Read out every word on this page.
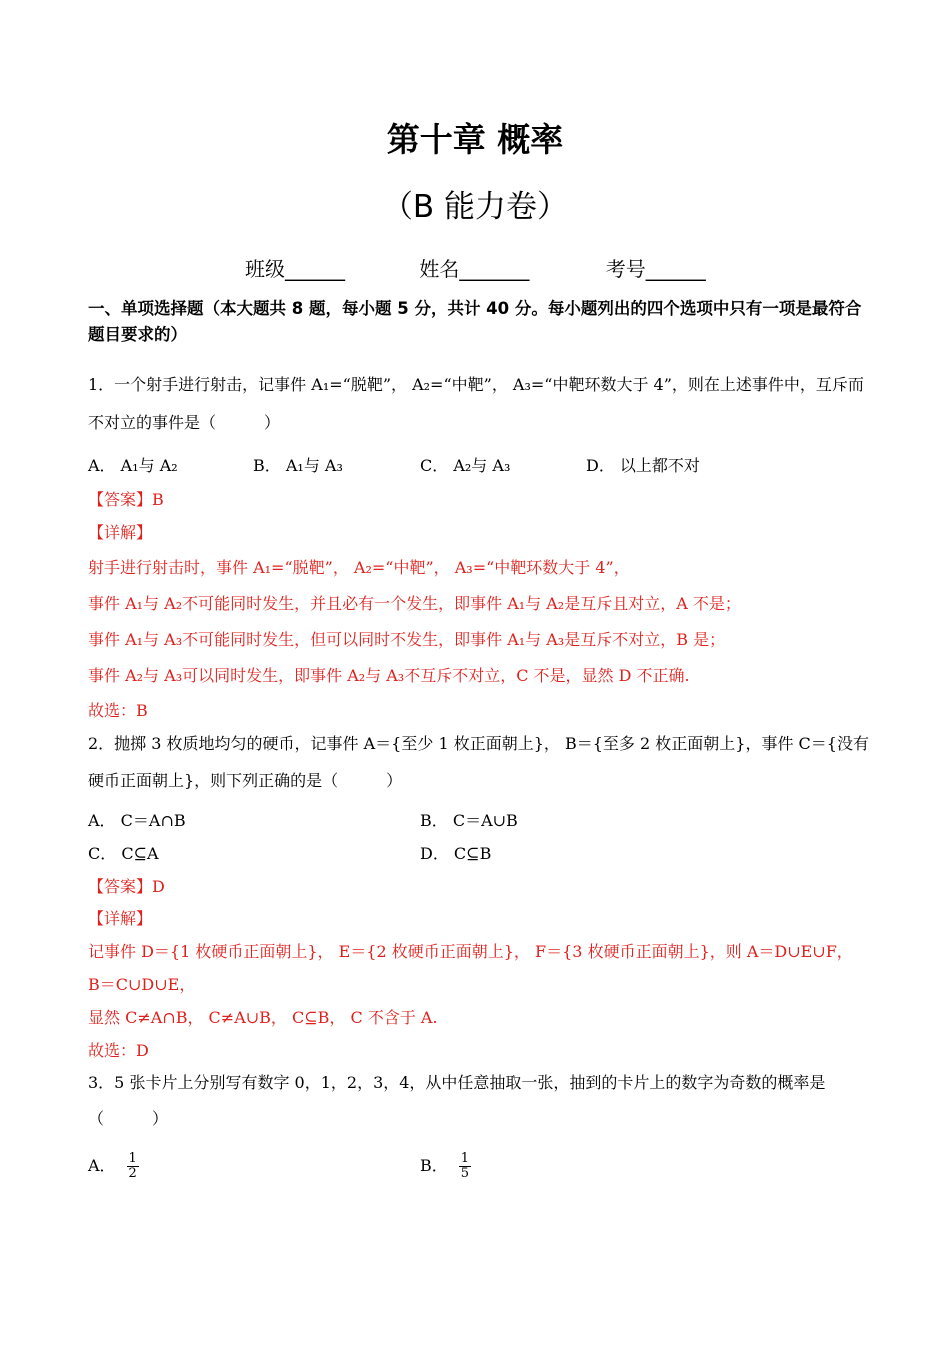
第十章 概率
（B 能力卷）
班级______	姓名_______	考号______
一、单项选择题（本大题共 8 题，每小题 5 分，共计 40 分。每小题列出的四个选项中只有一项是最符合题目要求的）
1．一个射手进行射击，记事件 A₁=“脱靶”， A₂=“中靶”， A₃=“中靶环数大于 4”，则在上述事件中，互斥而
不对立的事件是（　　　）
A． A₁与 A₂	B． A₁与 A₃	C． A₂与 A₃	D． 以上都不对
【答案】B
【详解】
射手进行射击时，事件 A₁=“脱靶”， A₂=“中靶”， A₃=“中靶环数大于 4”，
事件 A₁与 A₂不可能同时发生，并且必有一个发生，即事件 A₁与 A₂是互斥且对立，A 不是；
事件 A₁与 A₃不可能同时发生，但可以同时不发生，即事件 A₁与 A₃是互斥不对立，B 是；
事件 A₂与 A₃可以同时发生，即事件 A₂与 A₃不互斥不对立，C 不是，显然 D 不正确.
故选：B
2．抛掷 3 枚质地均匀的硬币，记事件 A＝{至少 1 枚正面朝上}， B＝{至多 2 枚正面朝上}，事件 C＝{没有
硬币正面朝上}，则下列正确的是（　　　）
A． C＝A∩B	B． C＝A∪B
C． C⊆A	D． C⊆B
【答案】D
【详解】
记事件 D＝{1 枚硬币正面朝上}， E＝{2 枚硬币正面朝上}， F＝{3 枚硬币正面朝上}，则 A＝D∪E∪F，
B＝C∪D∪E，
显然 C≠A∩B， C≠A∪B， C⊆B， C 不含于 A.
故选：D
3．5 张卡片上分别写有数字 0，1，2，3，4，从中任意抽取一张，抽到的卡片上的数字为奇数的概率是
（　　　）
A． $\frac{1}{2}$	B． $\frac{1}{5}$
